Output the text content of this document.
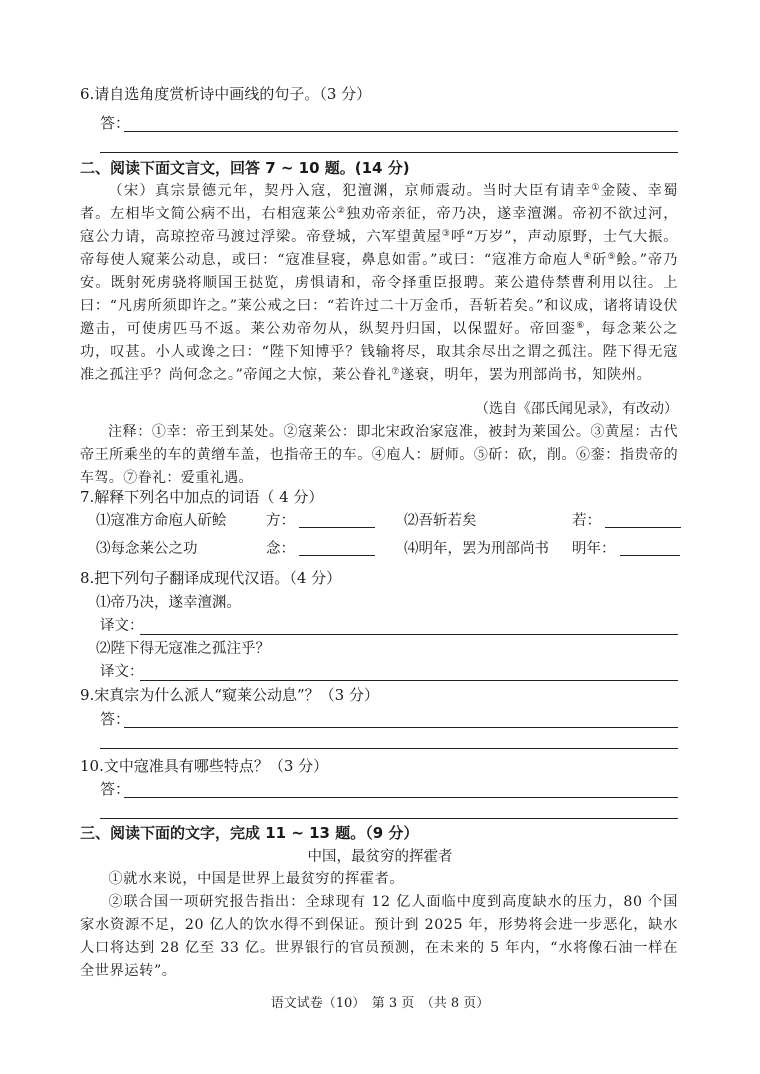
6.请自选角度赏析诗中画线的句子。（3 分）
答：
二、阅读下面文言文，回答 7 ~ 10 题。(14 分)

（宋）真宗景德元年，契丹入寇，犯澶渊，京师震动。当时大臣有请幸①金陵、幸蜀者。左相毕文简公病不出，右相寇莱公②独劝帝亲征，帝乃决，遂幸澶渊。帝初不欲过河，寇公力请，高琼控帝马渡过浮梁。帝登城，六军望黄屋③呼“万岁”，声动原野，士气大振。帝每使人窥莱公动息，或曰：“寇准昼寝，鼻息如雷。”或曰：“寇准方命庖人④斫⑤鲙。”帝乃安。既射死虏骁将顺国王挞览，虏惧请和，帝令择重臣报聘。莱公遣侍禁曹利用以往。上曰：“凡虏所须即许之。”莱公戒之曰：“若许过二十万金币，吾斩若矣。”和议成，诸将请设伏邀击，可使虏匹马不返。莱公劝帝勿从，纵契丹归国，以保盟好。帝回銮⑥，每念莱公之功，叹甚。小人或谗之曰：“陛下知博乎？钱输将尽，取其余尽出之谓之孤注。陛下得无寇准之孤注乎？尚何念之。”帝闻之大惊，莱公眷礼⑦遂衰，明年，罢为刑部尚书，知陕州。

（选自《邵氏闻见录》，有改动）

注释：①幸：帝王到某处。②寇莱公：即北宋政治家寇准，被封为莱国公。③黄屋：古代帝王所乘坐的车的黄缯车盖，也指帝王的车。④庖人：厨师。⑤斫：砍，削。⑥銮：指贵帝的车驾。⑦眷礼：爱重礼遇。

7.解释下列名中加点的词语（ 4 分）
⑴寇准方命庖人斫鲙	方：	⑵吾斩若矣	若：
⑶每念莱公之功	念：	⑷明年，罢为刑部尚书 明年：
8.把下列句子翻译成现代汉语。（4 分）
⑴帝乃决，遂幸澶渊。
译文：
⑵陛下得无寇准之孤注乎？
译文：
9.宋真宗为什么派人“窥莱公动息”？（3 分）
答：
10.文中寇准具有哪些特点？（3 分）
答：
三、阅读下面的文字，完成 11 ~ 13 题。（9 分）
中国，最贫穷的挥霍者

①就水来说，中国是世界上最贫穷的挥霍者。

②联合国一项研究报告指出：全球现有 12 亿人面临中度到高度缺水的压力，80 个国家水资源不足，20 亿人的饮水得不到保证。预计到 2025 年，形势将会进一步恶化，缺水人口将达到 28 亿至 33 亿。世界银行的官员预测，在未来的 5 年内，“水将像石油一样在全世界运转”。

语文试卷（10）　第 3 页　（共 8 页）
